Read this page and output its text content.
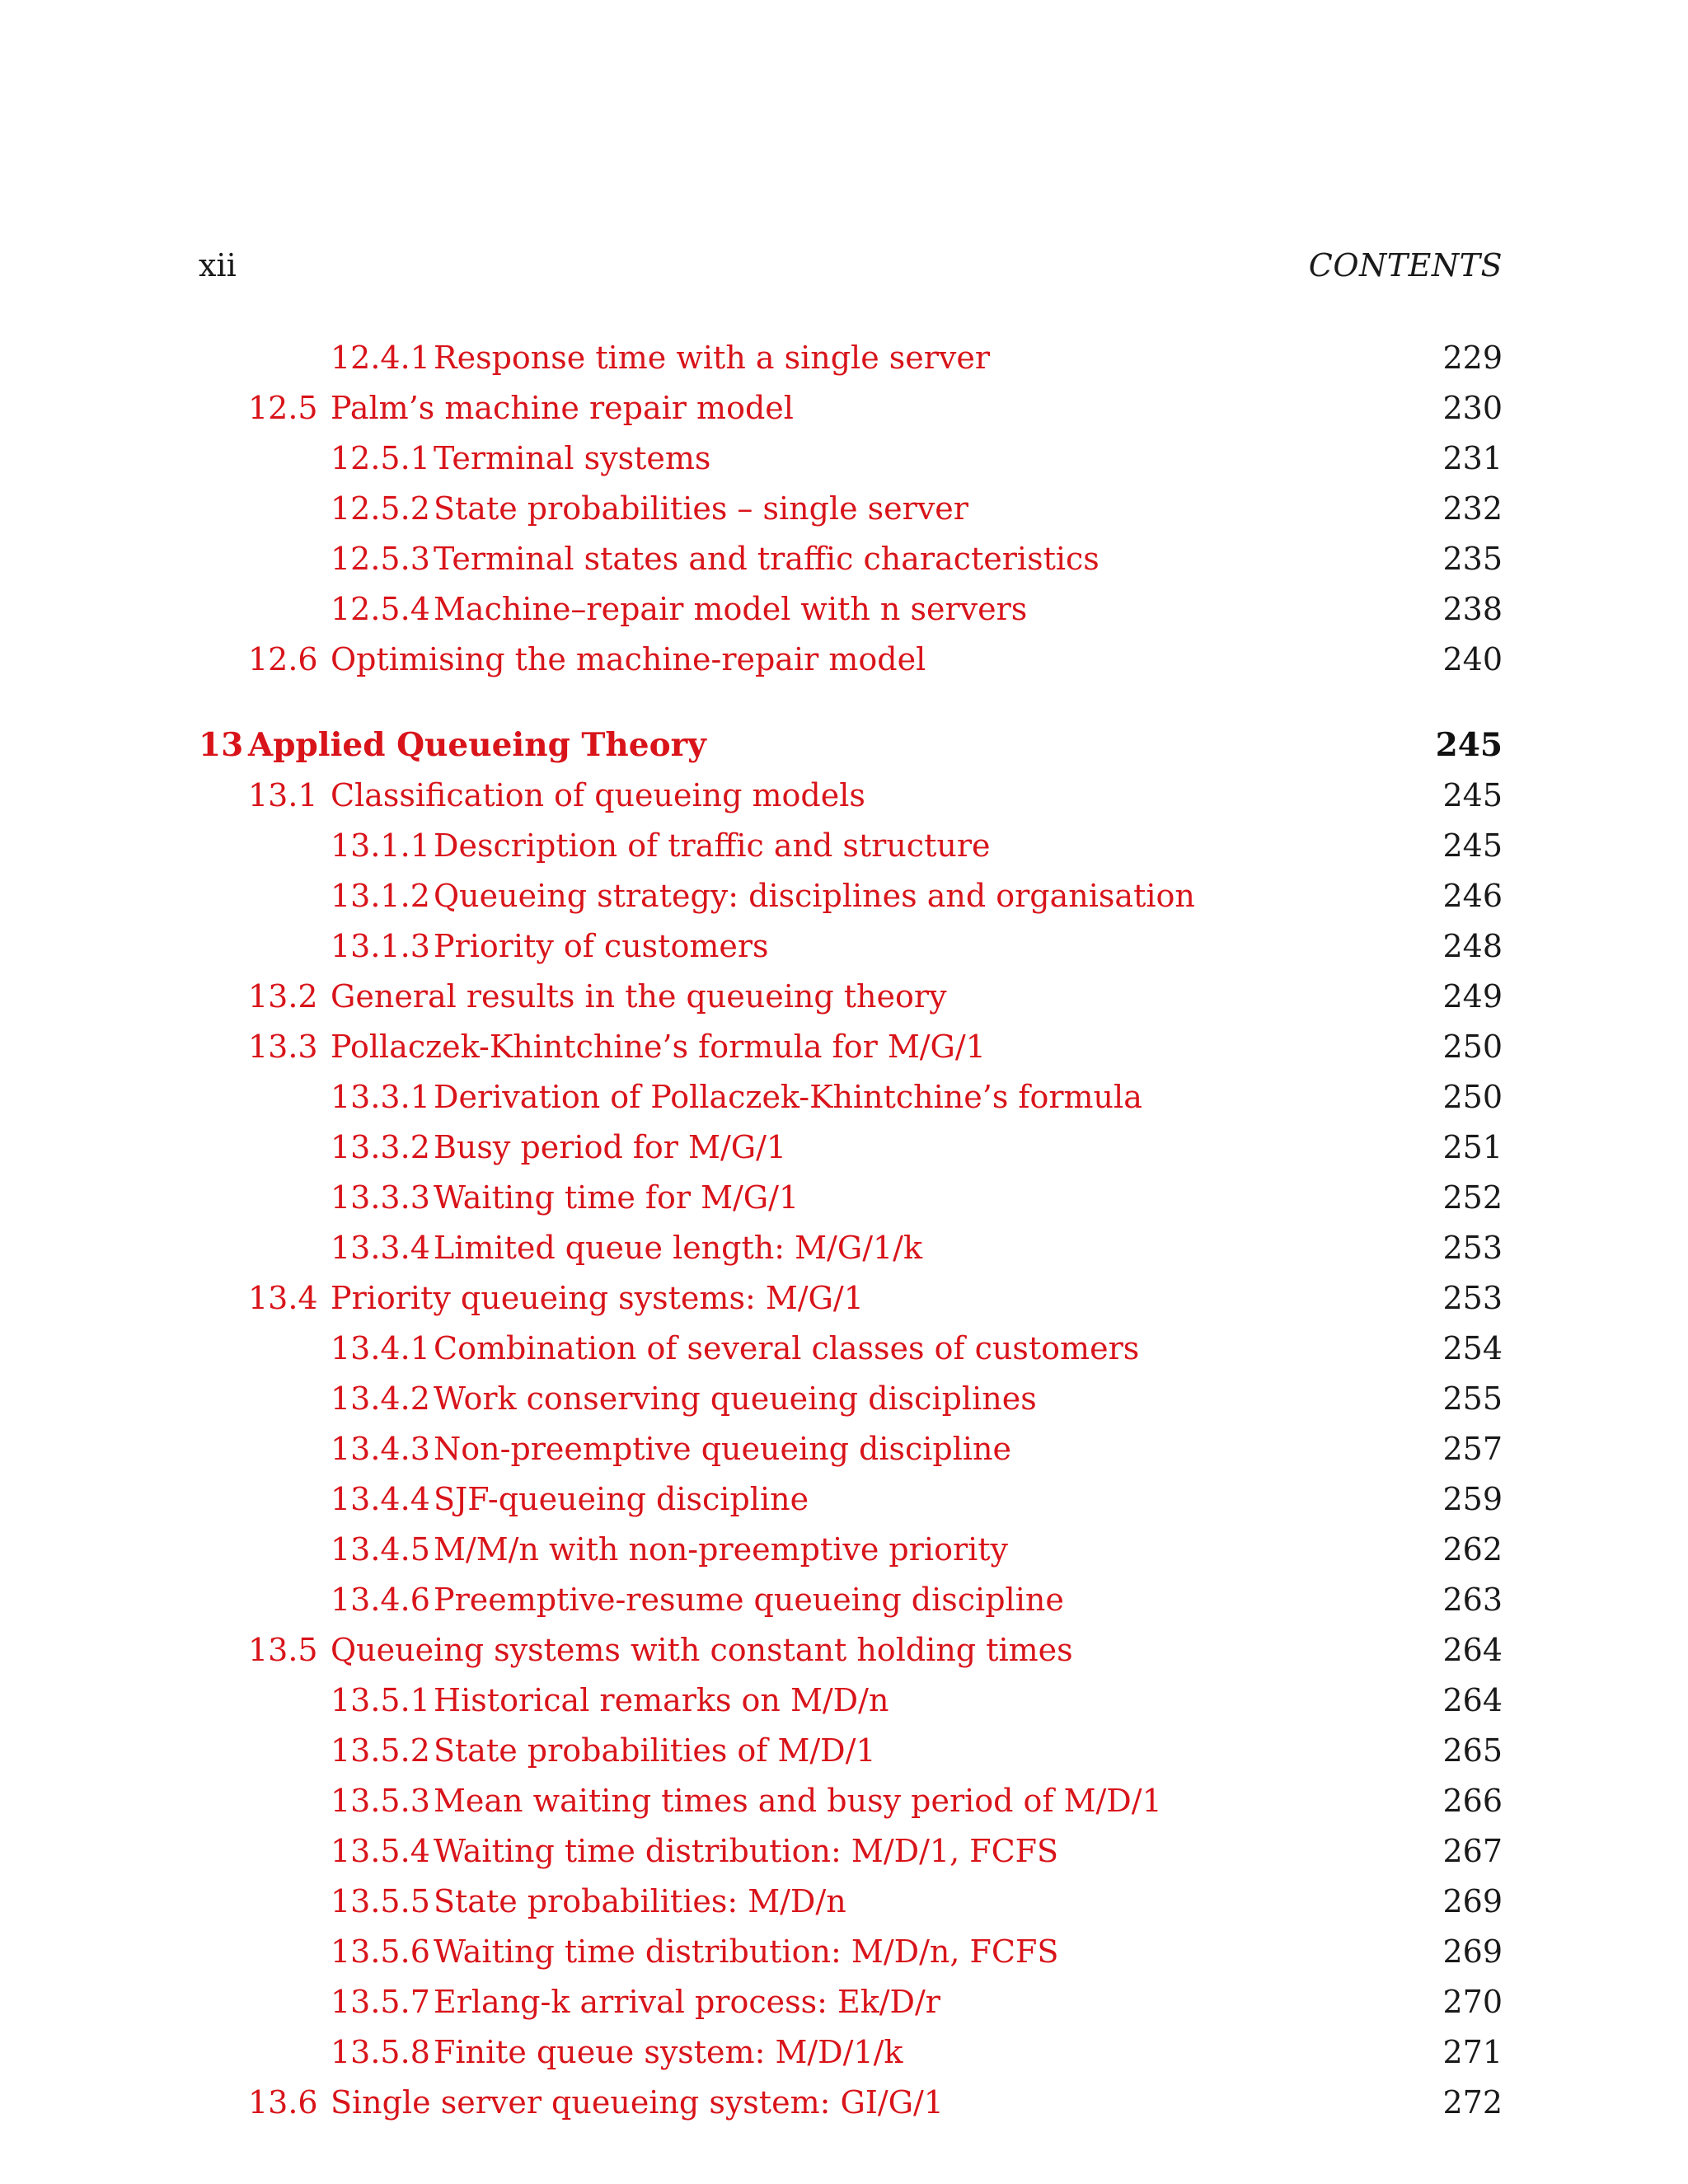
xii	CONTENTS
12.4.1 Response time with a single server	229
12.5 Palm’s machine repair model	230
12.5.1 Terminal systems	231
12.5.2 State probabilities – single server	232
12.5.3 Terminal states and traffic characteristics	235
12.5.4 Machine–repair model with n servers	238
12.6 Optimising the machine-repair model	240
13 Applied Queueing Theory	245
13.1 Classification of queueing models	245
13.1.1 Description of traffic and structure	245
13.1.2 Queueing strategy: disciplines and organisation	246
13.1.3 Priority of customers	248
13.2 General results in the queueing theory	249
13.3 Pollaczek-Khintchine’s formula for M/G/1	250
13.3.1 Derivation of Pollaczek-Khintchine’s formula	250
13.3.2 Busy period for M/G/1	251
13.3.3 Waiting time for M/G/1	252
13.3.4 Limited queue length: M/G/1/k	253
13.4 Priority queueing systems: M/G/1	253
13.4.1 Combination of several classes of customers	254
13.4.2 Work conserving queueing disciplines	255
13.4.3 Non-preemptive queueing discipline	257
13.4.4 SJF-queueing discipline	259
13.4.5 M/M/n with non-preemptive priority	262
13.4.6 Preemptive-resume queueing discipline	263
13.5 Queueing systems with constant holding times	264
13.5.1 Historical remarks on M/D/n	264
13.5.2 State probabilities of M/D/1	265
13.5.3 Mean waiting times and busy period of M/D/1	266
13.5.4 Waiting time distribution: M/D/1, FCFS	267
13.5.5 State probabilities: M/D/n	269
13.5.6 Waiting time distribution: M/D/n, FCFS	269
13.5.7 Erlang-k arrival process: Ek/D/r	270
13.5.8 Finite queue system: M/D/1/k	271
13.6 Single server queueing system: GI/G/1	272
